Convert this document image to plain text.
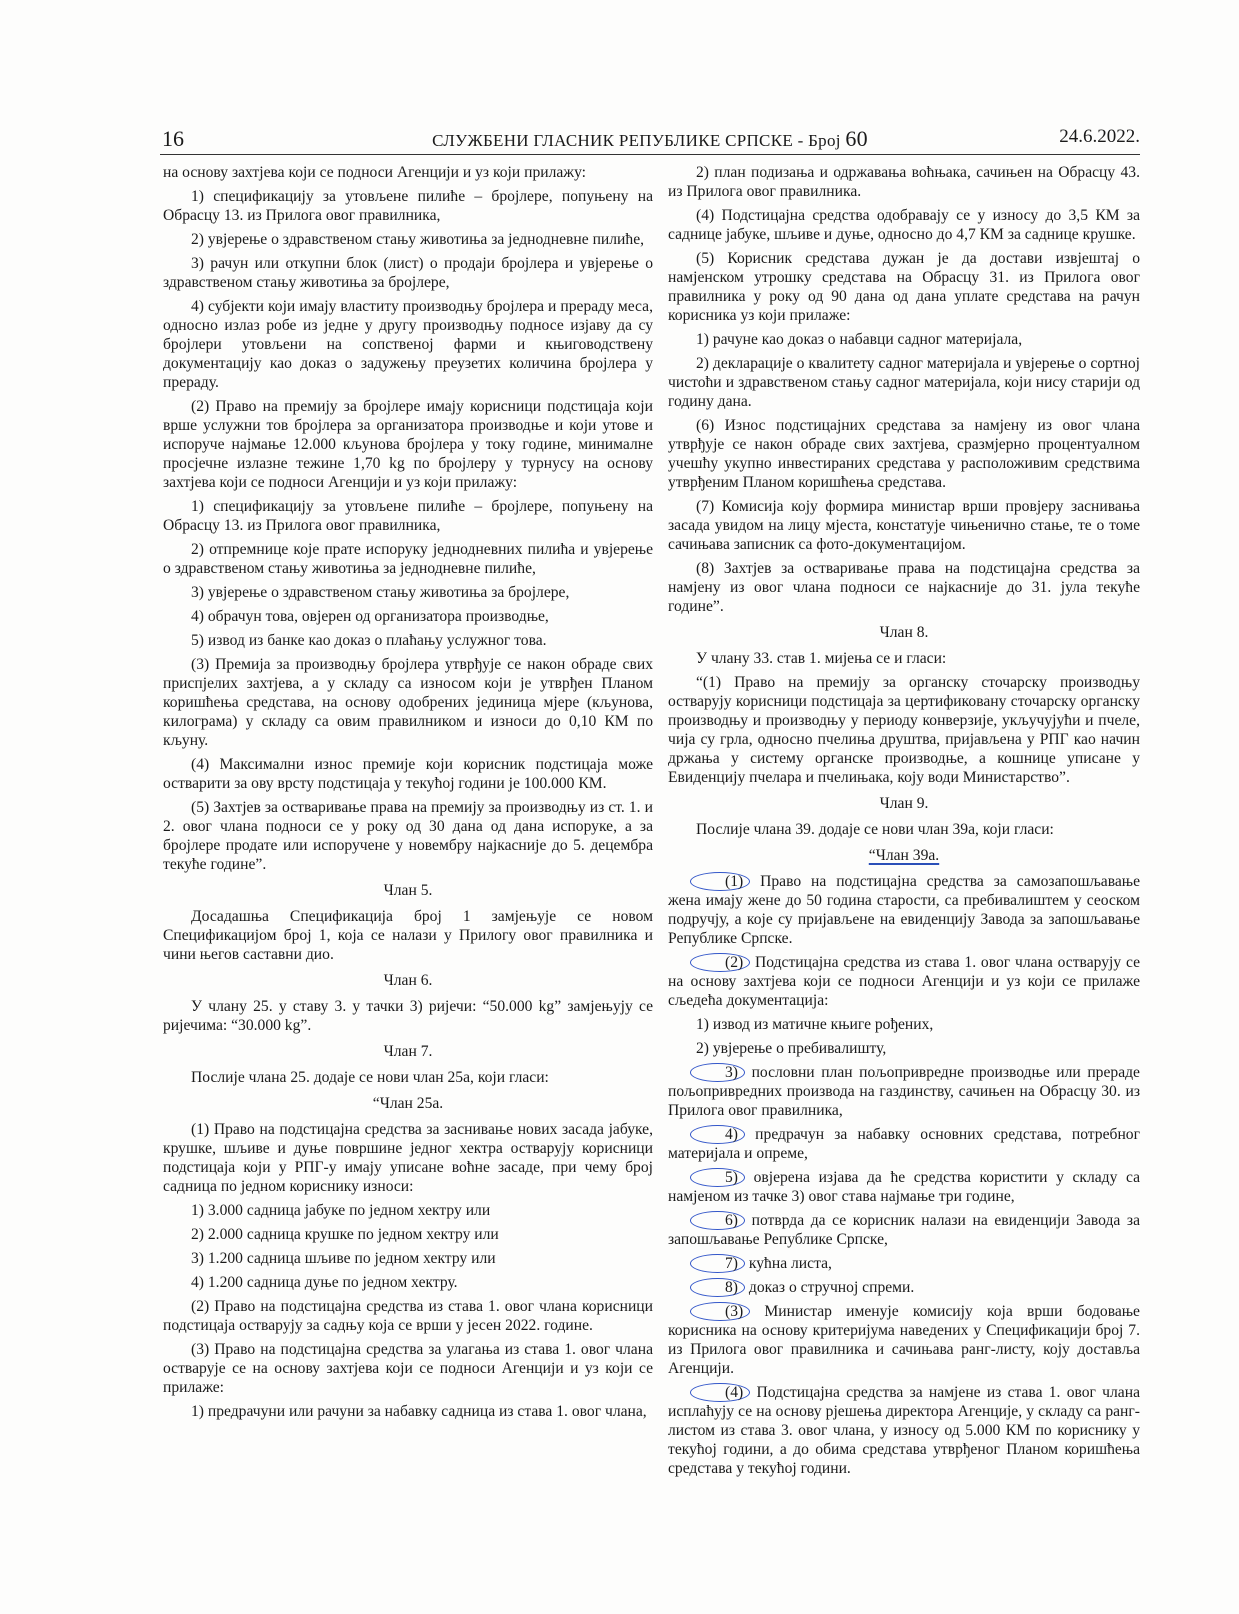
16	СЛУЖБЕНИ ГЛАСНИК РЕПУБЛИКЕ СРПСКЕ - Број 60	24.6.2022.

на основу захтјева који се подноси Агенцији и уз који прилажу:

1) спецификацију за утовљене пилиће – бројлере, попуњену на Обрасцу 13. из Прилога овог правилника,

2) увјерење о здравственом стању животиња за једнодневне пилиће,

3) рачун или откупни блок (лист) о продаји бројлера и увјерење о здравственом стању животиња за бројлере,

4) субјекти који имају властиту производњу бројлера и прераду меса, односно излаз робе из једне у другу производњу подносе изјаву да су бројлери утовљени на сопственој фарми и књиговодствену документацију као доказ о задужењу преузетих количина бројлера у прераду.

(2) Право на премију за бројлере имају корисници подстицаја који врше услужни тов бројлера за организатора производње и који утове и испоруче најмање 12.000 кљунова бројлера у току године, минималне просјечне излазне тежине 1,70 kg по бројлеру у турнусу на основу захтјева који се подноси Агенцији и уз који прилажу:

1) спецификацију за утовљене пилиће – бројлере, попуњену на Обрасцу 13. из Прилога овог правилника,

2) отпремнице које прате испоруку једнодневних пилића и увјерење о здравственом стању животиња за једнодневне пилиће,

3) увјерење о здравственом стању животиња за бројлере,

4) обрачун това, овјерен од организатора производње,

5) извод из банке као доказ о плаћању услужног това.

(3) Премија за производњу бројлера утврђује се након обраде свих приспјелих захтјева, а у складу са износом који је утврђен Планом коришћења средстава, на основу одобрених јединица мјере (кљунова, килограма) у складу са овим правилником и износи до 0,10 КМ по кљуну.

(4) Максимални износ премије који корисник подстицаја може остварити за ову врсту подстицаја у текућој години је 100.000 КМ.

(5) Захтјев за остваривање права на премију за производњу из ст. 1. и 2. овог члана подноси се у року од 30 дана од дана испоруке, а за бројлере продате или испоручене у новембру најкасније до 5. децембра текуће године”.

Члан 5.

Досадашња Спецификација број 1 замјењује се новом Спецификацијом број 1, која се налази у Прилогу овог правилника и чини његов саставни дио.

Члан 6.

У члану 25. у ставу 3. у тачки 3) ријечи: “50.000 kg” замјењују се ријечима: “30.000 kg”.

Члан 7.

Послије члана 25. додаје се нови члан 25а, који гласи:

“Члан 25а.

(1) Право на подстицајна средства за заснивање нових засада јабуке, крушке, шљиве и дуње површине једног хектра остварују корисници подстицаја који у РПГ-у имају уписане воћне засаде, при чему број садница по једном кориснику износи:

1) 3.000 садница јабуке по једном хектру или

2) 2.000 садница крушке по једном хектру или

3) 1.200 садница шљиве по једном хектру или

4) 1.200 садница дуње по једном хектру.

(2) Право на подстицајна средства из става 1. овог члана корисници подстицаја остварују за садњу која се врши у јесен 2022. године.

(3) Право на подстицајна средства за улагања из става 1. овог члана остварује се на основу захтјева који се подноси Агенцији и уз који се прилаже:

1) предрачуни или рачуни за набавку садница из става 1. овог члана,

2) план подизања и одржавања воћњака, сачињен на Обрасцу 43. из Прилога овог правилника.

(4) Подстицајна средства одобравају се у износу до 3,5 КМ за саднице јабуке, шљиве и дуње, односно до 4,7 КМ за саднице крушке.

(5) Корисник средстава дужан је да достави извјештај о намјенском утрошку средстава на Обрасцу 31. из Прилога овог правилника у року од 90 дана од дана уплате средстава на рачун корисника уз који прилаже:

1) рачуне као доказ о набавци садног материјала,

2) декларације о квалитету садног материјала и увјерење о сортној чистоћи и здравственом стању садног материјала, који нису старији од годину дана.

(6) Износ подстицајних средстава за намјену из овог члана утврђује се након обраде свих захтјева, сразмјерно процентуалном учешћу укупно инвестираних средстава у расположивим средствима утврђеним Планом коришћења средстава.

(7) Комисија коју формира министар врши провјеру заснивања засада увидом на лицу мјеста, констатује чињенично стање, те о томе сачињава записник са фото-документацијом.

(8) Захтјев за остваривање права на подстицајна средства за намјену из овог члана подноси се најкасније до 31. јула текуће године”.

Члан 8.

У члану 33. став 1. мијења се и гласи:

“(1) Право на премију за органску сточарску производњу остварују корисници подстицаја за цертификовану сточарску органску производњу и производњу у периоду конверзије, укључујући и пчеле, чија су грла, односно пчелиња друштва, пријављена у РПГ као начин држања у систему органске производње, а кошнице уписане у Евиденцију пчелара и пчелињака, коју води Министарство”.

Члан 9.

Послије члана 39. додаје се нови члан 39а, који гласи:

“Члан 39а.

(1) Право на подстицајна средства за самозапошљавање жена имају жене до 50 година старости, са пребивалиштем у сеоском подручју, а које су пријављене на евиденцију Завода за запошљавање Републике Српске.

(2) Подстицајна средства из става 1. овог члана остварују се на основу захтјева који се подноси Агенцији и уз који се прилаже сљедећа документација:

1) извод из матичне књиге рођених,

2) увјерење о пребивалишту,

3) пословни план пољопривредне производње или прераде пољопривредних производа на газдинству, сачињен на Обрасцу 30. из Прилога овог правилника,

4) предрачун за набавку основних средстава, потребног материјала и опреме,

5) овјерена изјава да ће средства користити у складу са намјеном из тачке 3) овог става најмање три године,

6) потврда да се корисник налази на евиденцији Завода за запошљавање Републике Српске,

7) кућна листа,

8) доказ о стручној спреми.

(3) Министар именује комисију која врши бодовање корисника на основу критеријума наведених у Спецификацији број 7. из Прилога овог правилника и сачињава ранг-листу, коју доставља Агенцији.

(4) Подстицајна средства за намјене из става 1. овог члана исплаћују се на основу рјешења директора Агенције, у складу са ранг-листом из става 3. овог члана, у износу од 5.000 КМ по кориснику у текућој години, а до обима средстава утврђеног Планом коришћења средстава у текућој години.
